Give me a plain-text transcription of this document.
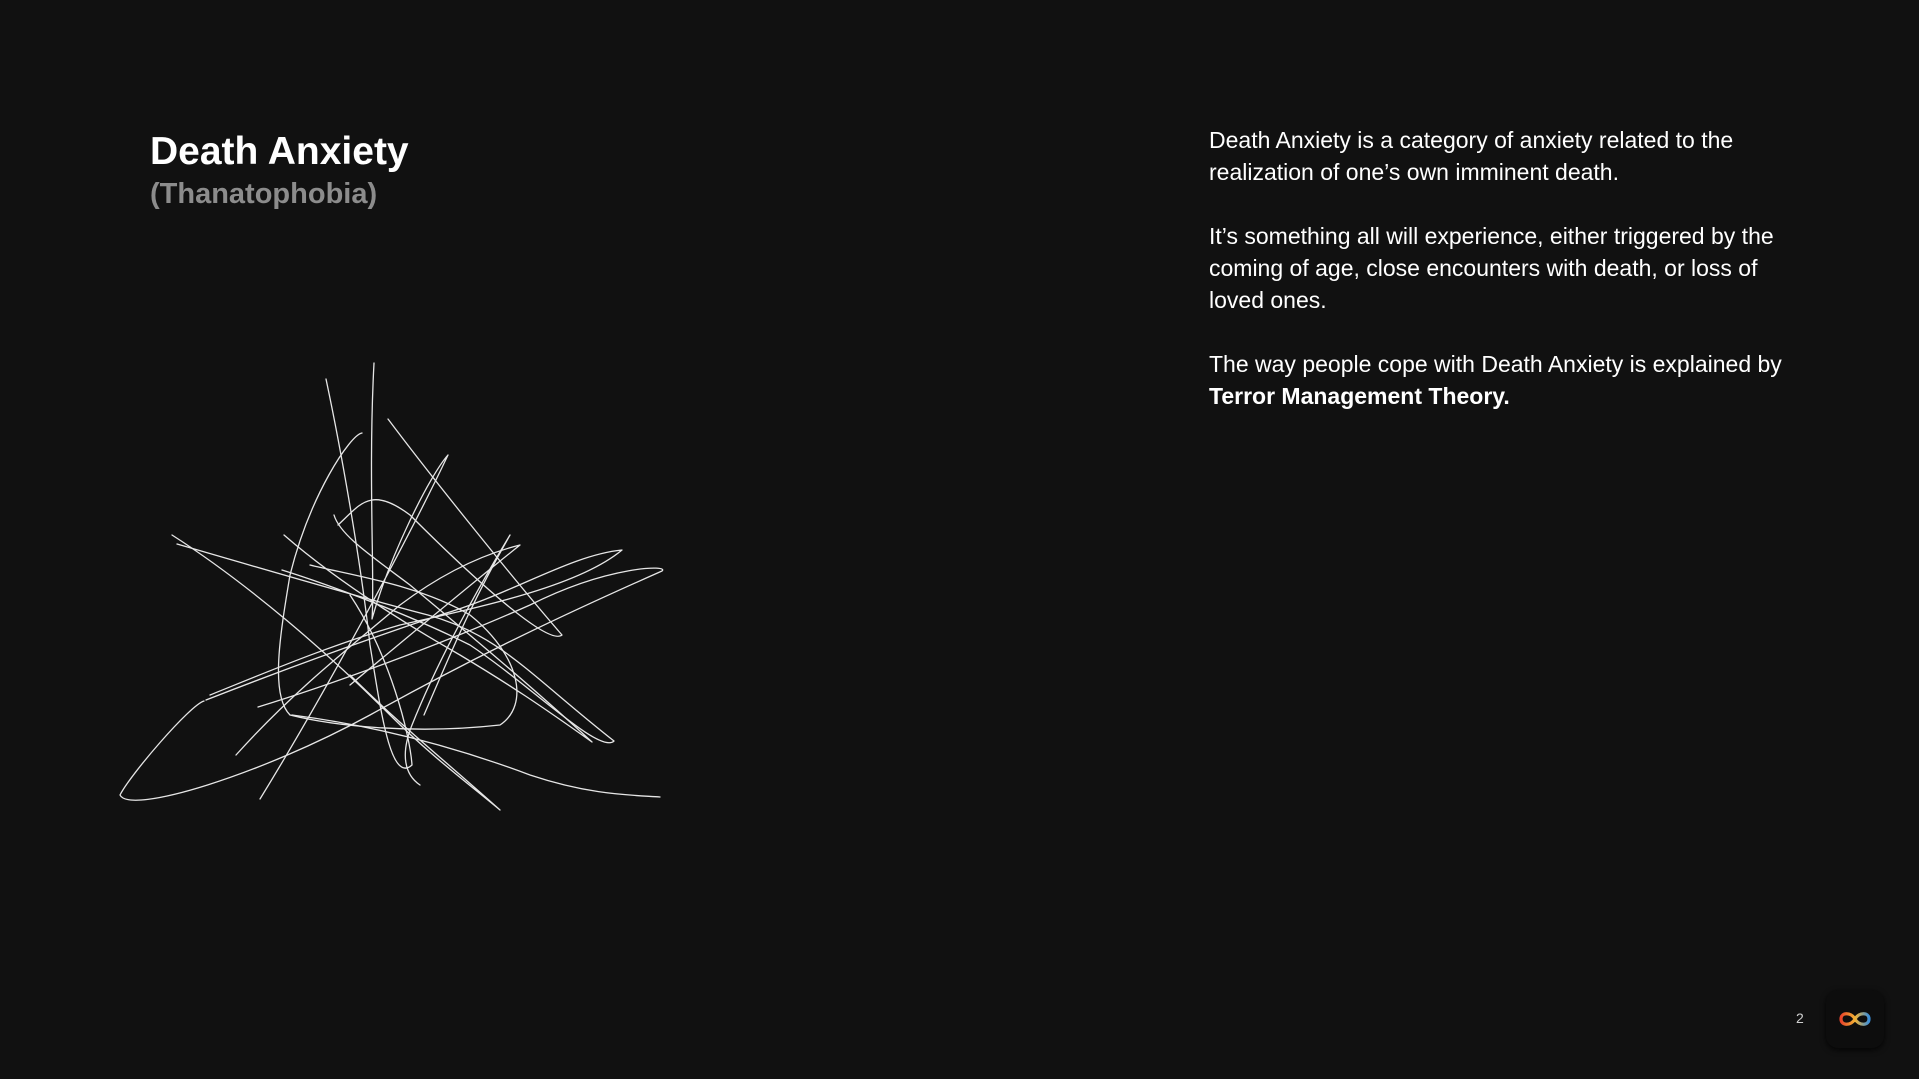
Death Anxiety
(Thanatophobia)

Death Anxiety is a category of anxiety related to the realization of one’s own imminent death.

It’s something all will experience, either triggered by the coming of age, close encounters with death, or loss of loved ones.

The way people cope with Death Anxiety is explained by Terror Management Theory.

2
